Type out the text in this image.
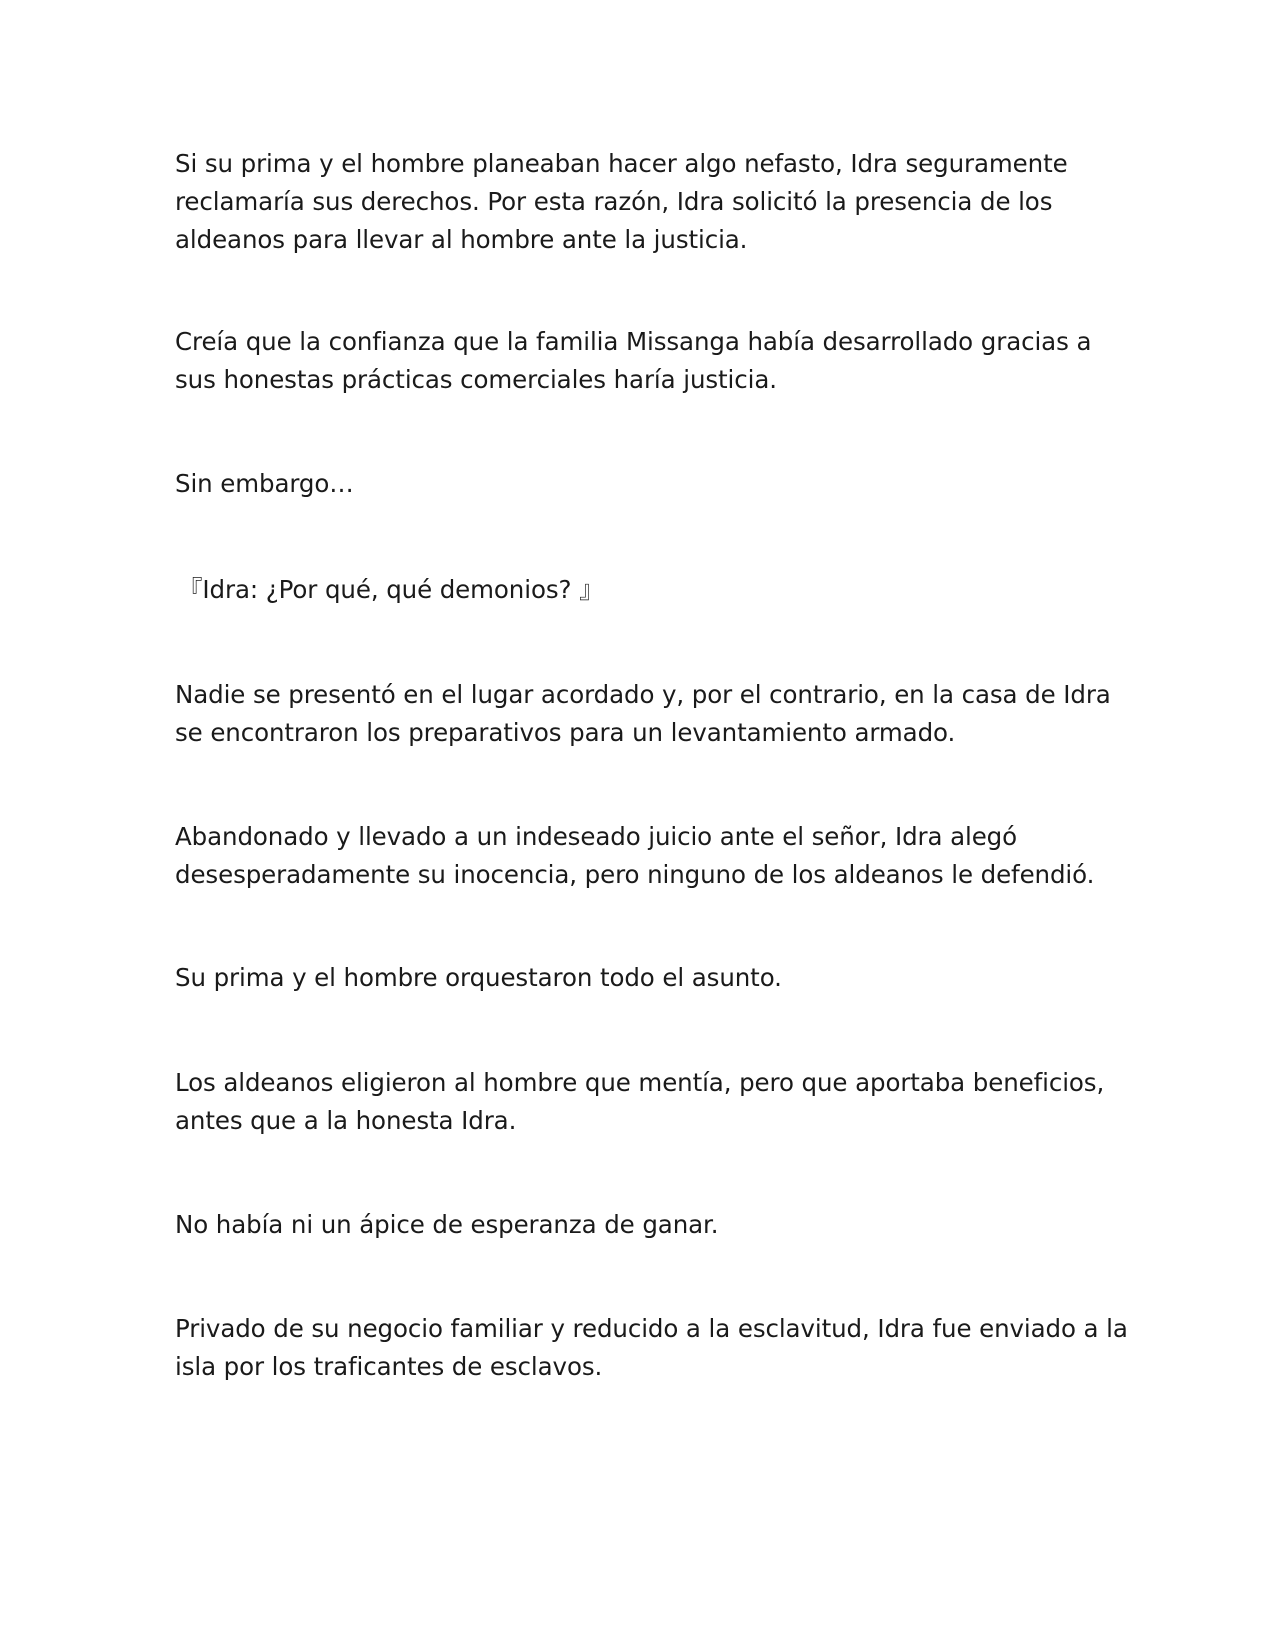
Si su prima y el hombre planeaban hacer algo nefasto, Idra seguramente
reclamaría sus derechos. Por esta razón, Idra solicitó la presencia de los
aldeanos para llevar al hombre ante la justicia.

Creía que la confianza que la familia Missanga había desarrollado gracias a
sus honestas prácticas comerciales haría justicia.

Sin embargo…

『Idra: ¿Por qué, qué demonios? 』

Nadie se presentó en el lugar acordado y, por el contrario, en la casa de Idra
se encontraron los preparativos para un levantamiento armado.

Abandonado y llevado a un indeseado juicio ante el señor, Idra alegó
desesperadamente su inocencia, pero ninguno de los aldeanos le defendió.

Su prima y el hombre orquestaron todo el asunto.

Los aldeanos eligieron al hombre que mentía, pero que aportaba beneficios,
antes que a la honesta Idra.

No había ni un ápice de esperanza de ganar.

Privado de su negocio familiar y reducido a la esclavitud, Idra fue enviado a la
isla por los traficantes de esclavos.
